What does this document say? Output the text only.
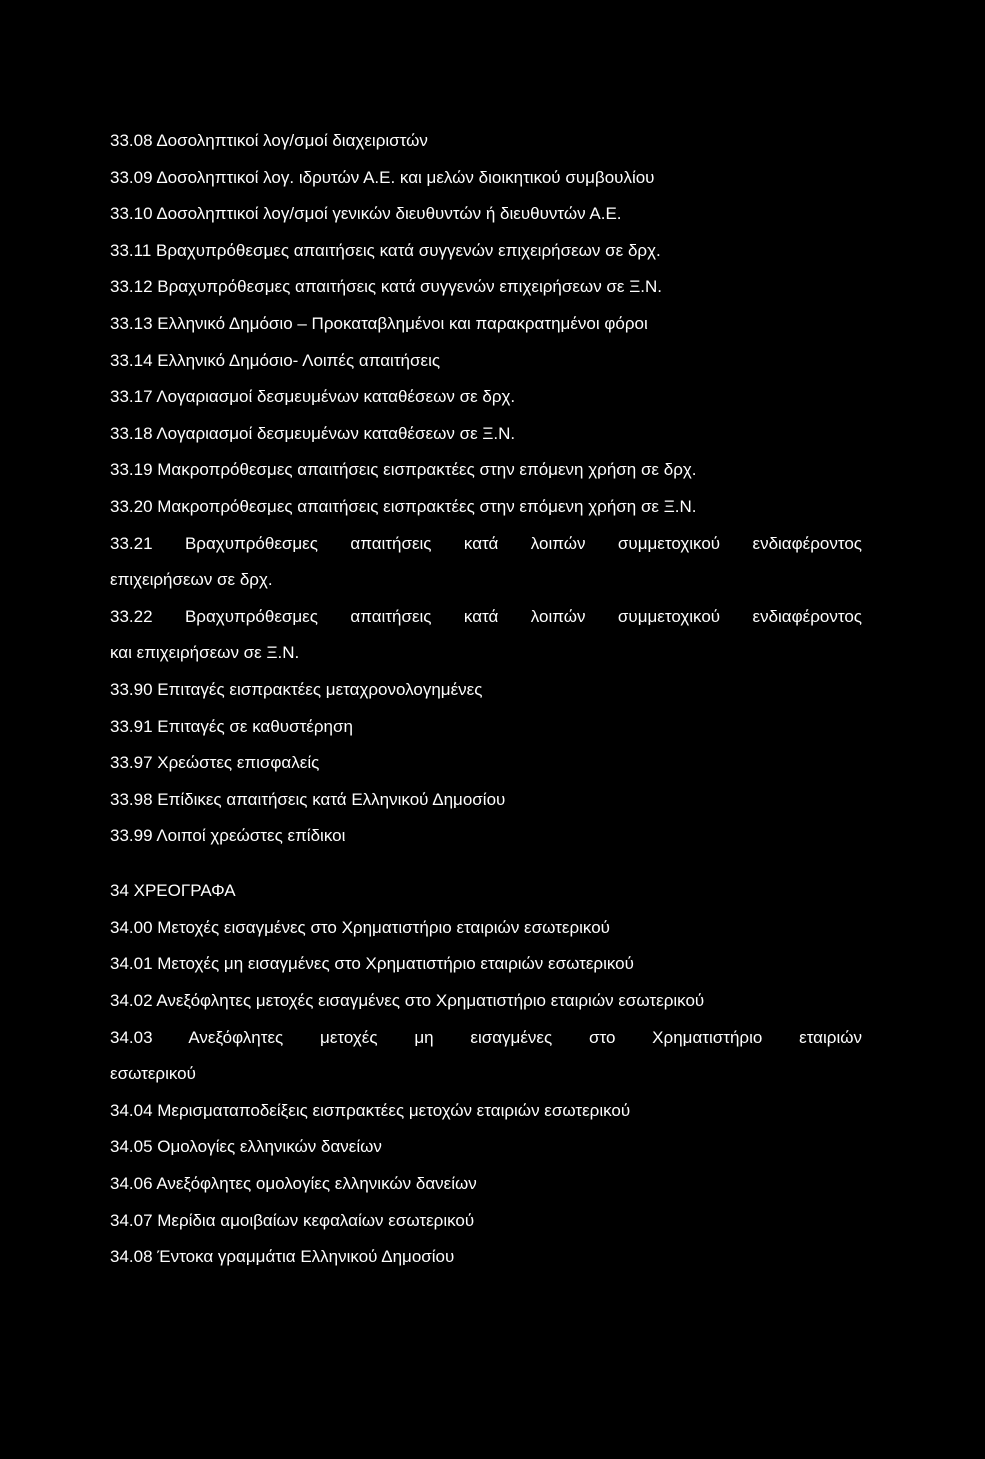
33.08 Δοσοληπτικοί λογ/σμοί διαχειριστών
33.09 Δοσοληπτικοί λογ. ιδρυτών Α.Ε. και μελών διοικητικού συμβουλίου
33.10 Δοσοληπτικοί λογ/σμοί γενικών διευθυντών ή διευθυντών Α.Ε.
33.11 Βραχυπρόθεσμες απαιτήσεις κατά συγγενών επιχειρήσεων σε δρχ.
33.12 Βραχυπρόθεσμες απαιτήσεις κατά συγγενών επιχειρήσεων σε Ξ.Ν.
33.13 Ελληνικό Δημόσιο – Προκαταβλημένοι και παρακρατημένοι φόροι
33.14 Ελληνικό Δημόσιο- Λοιπές απαιτήσεις
33.17 Λογαριασμοί δεσμευμένων καταθέσεων σε δρχ.
33.18 Λογαριασμοί δεσμευμένων καταθέσεων σε Ξ.Ν.
33.19 Μακροπρόθεσμες απαιτήσεις εισπρακτέες στην επόμενη χρήση σε δρχ.
33.20 Μακροπρόθεσμες απαιτήσεις εισπρακτέες στην επόμενη χρήση σε Ξ.Ν.
33.21 Βραχυπρόθεσμες απαιτήσεις κατά λοιπών συμμετοχικού ενδιαφέροντος
επιχειρήσεων σε δρχ.
33.22 Βραχυπρόθεσμες απαιτήσεις κατά λοιπών συμμετοχικού ενδιαφέροντος
και επιχειρήσεων σε Ξ.Ν.
33.90 Επιταγές εισπρακτέες μεταχρονολογημένες
33.91 Επιταγές σε καθυστέρηση
33.97 Χρεώστες επισφαλείς
33.98 Επίδικες απαιτήσεις κατά Ελληνικού Δημοσίου
33.99 Λοιποί χρεώστες επίδικοι
34 ΧΡΕΟΓΡΑΦΑ
34.00 Μετοχές εισαγμένες στο Χρηματιστήριο εταιριών εσωτερικού
34.01 Μετοχές μη εισαγμένες στο Χρηματιστήριο εταιριών εσωτερικού
34.02 Ανεξόφλητες μετοχές εισαγμένες στο Χρηματιστήριο εταιριών εσωτερικού
34.03 Ανεξόφλητες μετοχές μη εισαγμένες στο Χρηματιστήριο εταιριών
εσωτερικού
34.04 Μερισματαποδείξεις εισπρακτέες μετοχών εταιριών εσωτερικού
34.05 Ομολογίες ελληνικών δανείων
34.06 Ανεξόφλητες ομολογίες ελληνικών δανείων
34.07 Μερίδια αμοιβαίων κεφαλαίων εσωτερικού
34.08 Έντοκα γραμμάτια Ελληνικού Δημοσίου
